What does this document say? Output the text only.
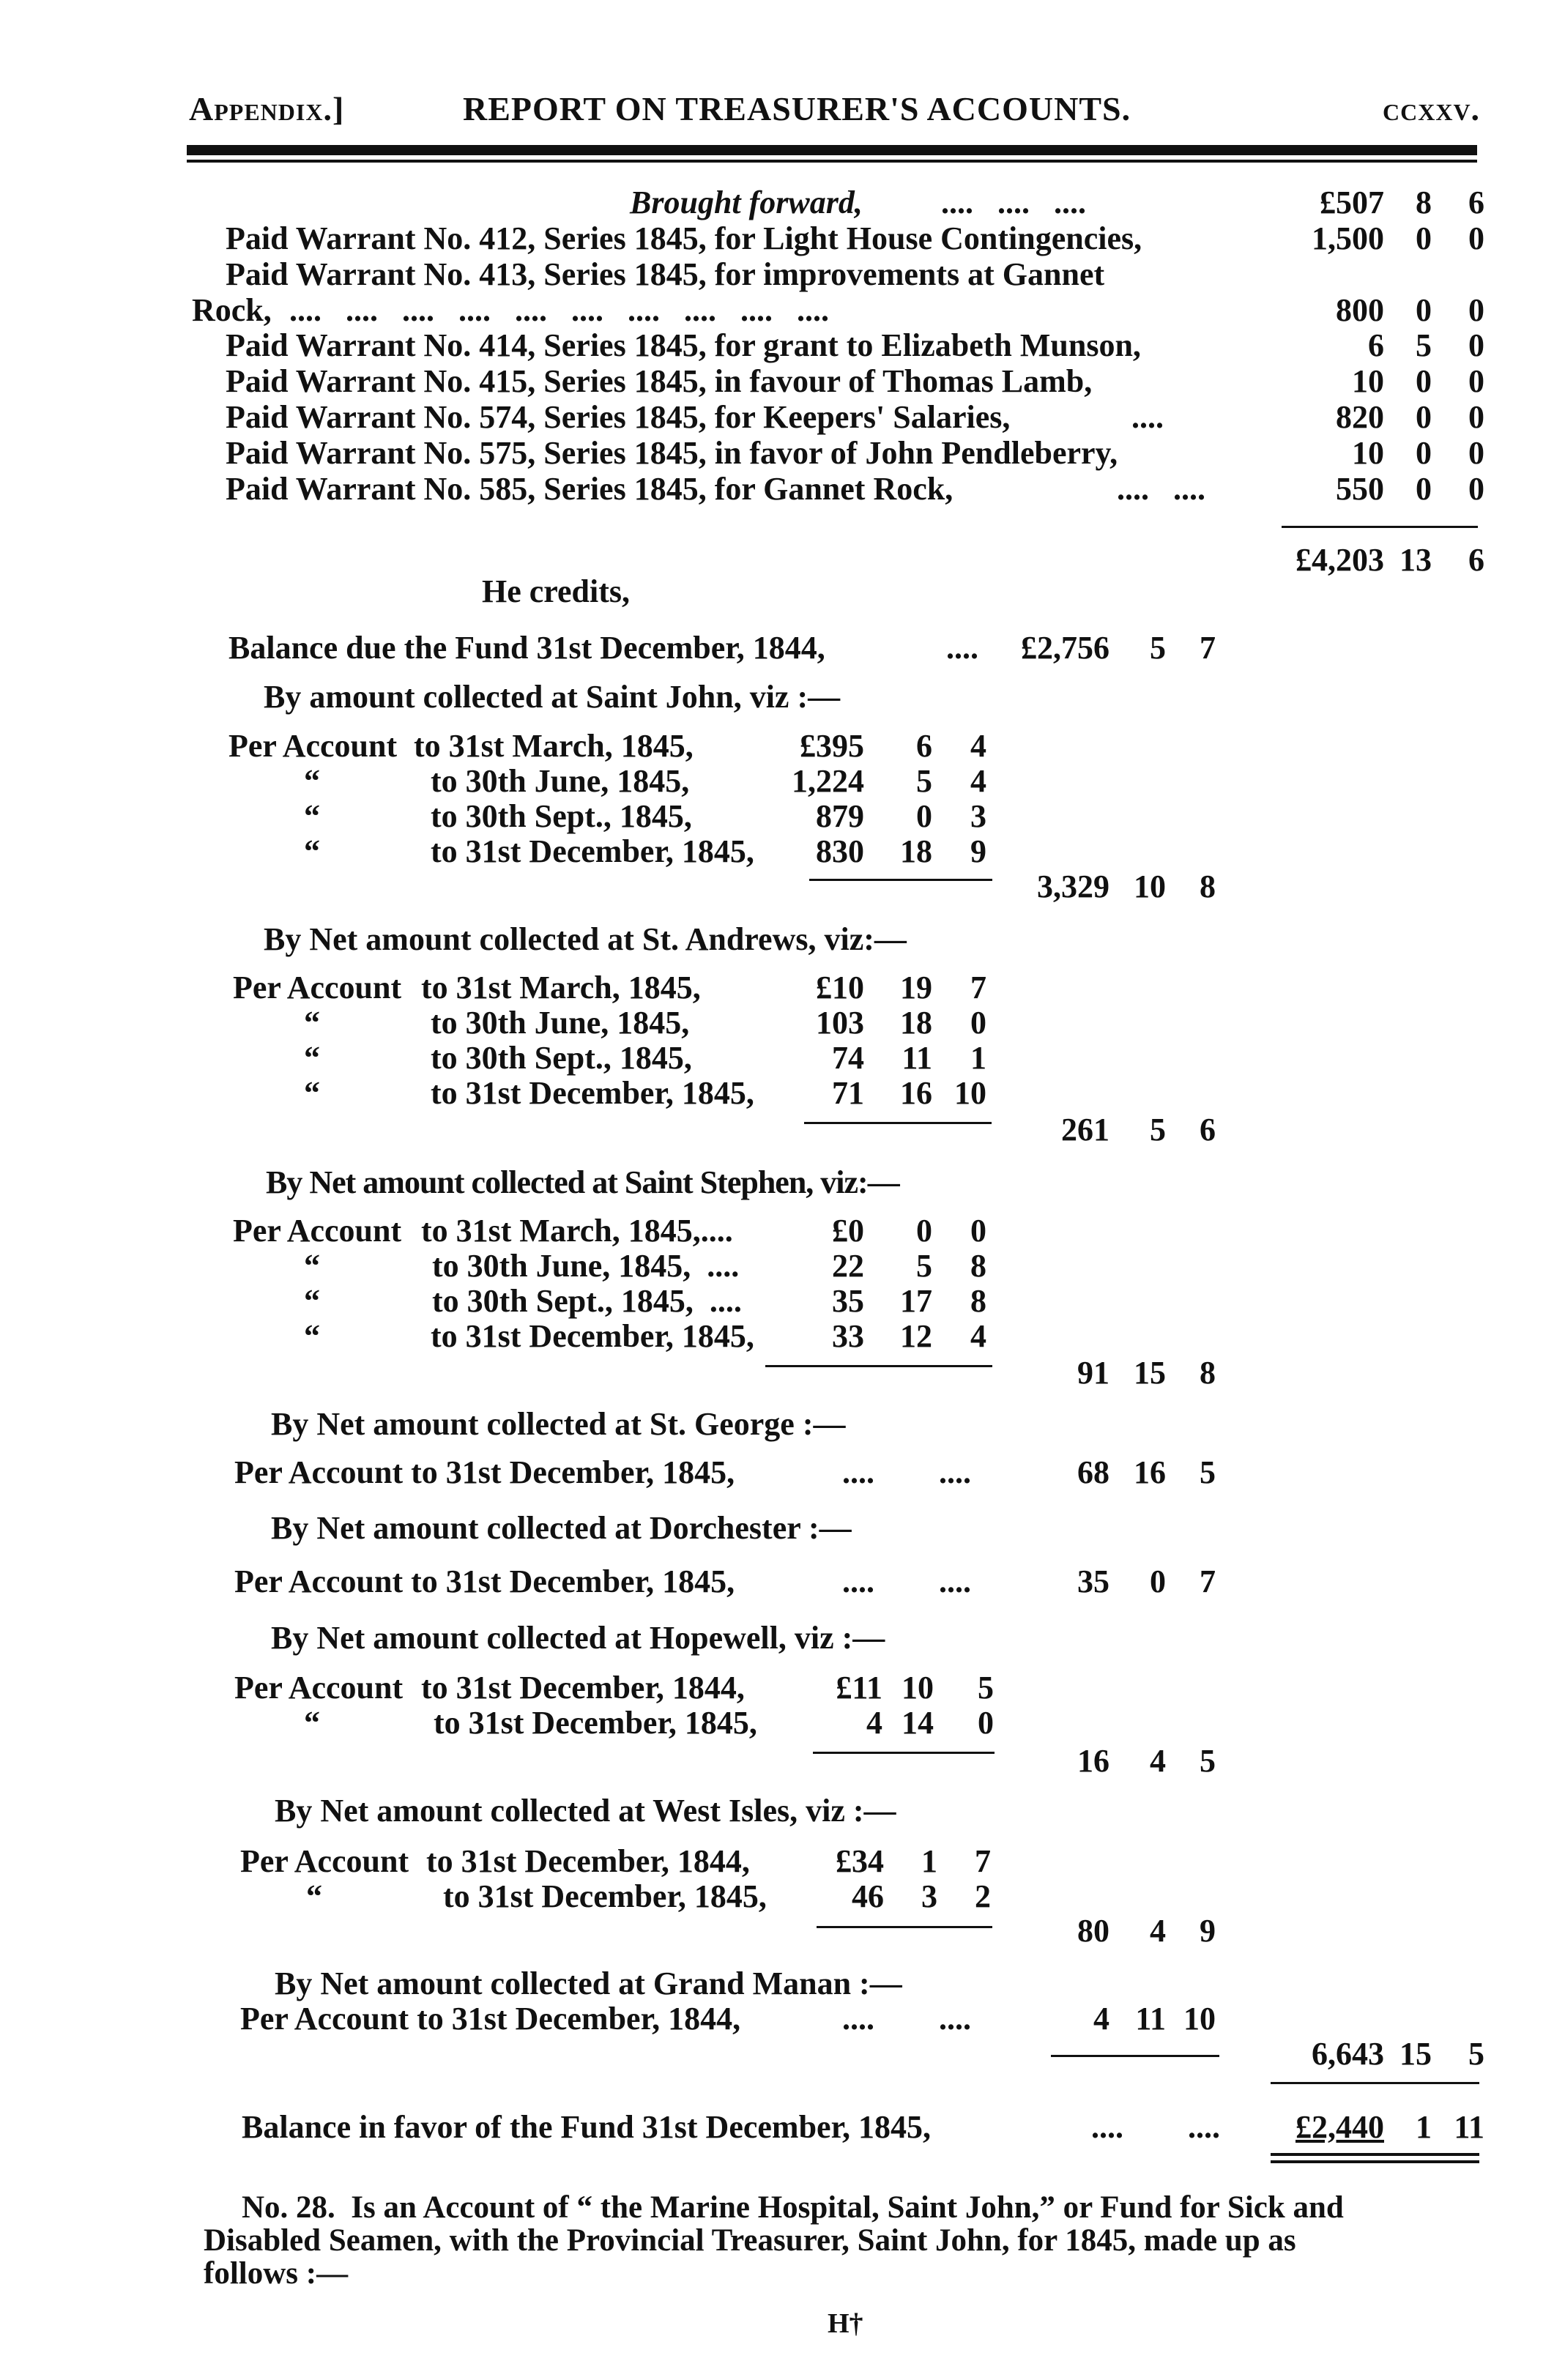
Appendix.]	REPORT ON TREASURER'S ACCOUNTS.	ccxxv.
Brought forward, ....   ....   ....	£507 8	6
Paid Warrant No. 412, Series 1845, for Light House Contingencies,	1,500 0	0
Paid Warrant No. 413, Series 1845, for improvements at Gannet
Rock, ....   ....   ....   ....   ....   ....   ....   ....   ....   ....	800 0	0
Paid Warrant No. 414, Series 1845, for grant to Elizabeth Munson,	6 5	0
Paid Warrant No. 415, Series 1845, in favour of Thomas Lamb,	10 0	0
Paid Warrant No. 574, Series 1845, for Keepers' Salaries,	....	820 0	0
Paid Warrant No. 575, Series 1845, in favor of John Pendleberry,	10 0	0
Paid Warrant No. 585, Series 1845, for Gannet Rock,	....   ....	550 0	0
£4,203 13	6
He credits,
Balance due the Fund 31st December, 1844,	....	£2,756	5	7
By amount collected at Saint John, viz :—
Per Account to 31st March, 1845,	£395	6	4
“	to 30th June, 1845,	1,224	5	4
“	to 30th Sept., 1845,	879	0	3
“	to 31st December, 1845,	830 18	9
3,329 10	8
By Net amount collected at St. Andrews, viz:—
Per Account to 31st March, 1845,	£10 19	7
“	to 30th June, 1845,	103 18	0
“	to 30th Sept., 1845,	74	11	1
“	to 31st December, 1845,	71 16 10
261	5	6
By Net amount collected at Saint Stephen, viz:—
Per Account to 31st March, 1845,....	£0	0	0
“	to 30th June, 1845,  ....	22	5	8
“	to 30th Sept., 1845,  ....	35 17	8
“	to 31st December, 1845,	33 12	4
91 15	8
By Net amount collected at St. George :—
Per Account to 31st December, 1845,	....        ....	68 16	5
By Net amount collected at Dorchester :—
Per Account to 31st December, 1845,	....        ....	35	0	7
By Net amount collected at Hopewell, viz :—
Per Account to 31st December, 1844,	£11 10	5
“	to 31st December, 1845,	4 14	0
16	4	5
By Net amount collected at West Isles, viz :—
Per Account to 31st December, 1844,	£34	1	7
“	to 31st December, 1845,	46	3	2
80	4	9
By Net amount collected at Grand Manan :—
Per Account to 31st December, 1844,	....        ....	4 11 10
6,643 15	5
Balance in favor of the Fund 31st December, 1845,	....        ....	£2,440 1 11
No. 28.  Is an Account of “ the Marine Hospital, Saint John,” or Fund for Sick and
Disabled Seamen, with the Provincial Treasurer, Saint John, for 1845, made up as
follows :—
H†
